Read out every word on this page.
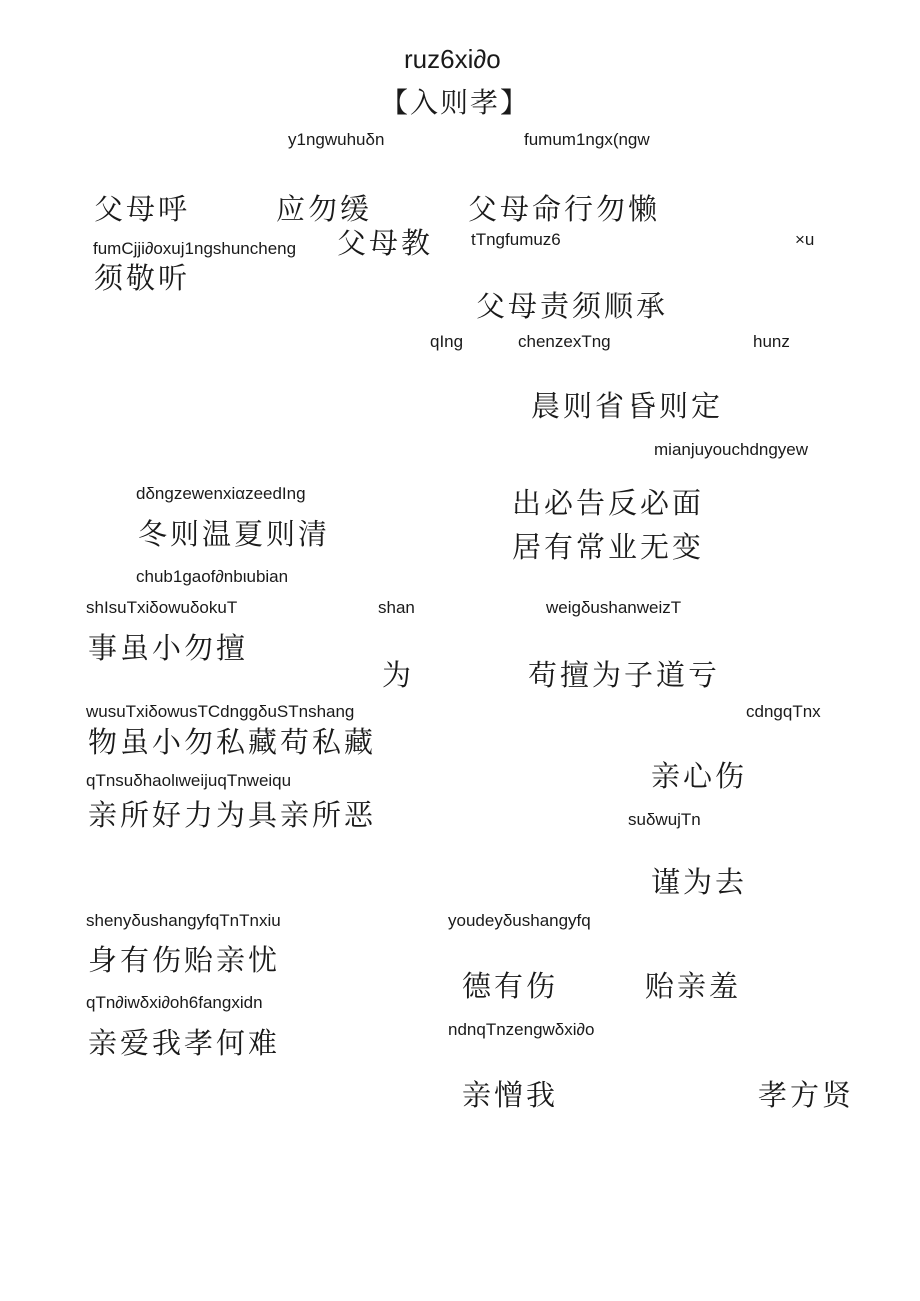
ruz6xi∂o
【入则孝】
y1ngwuhuδn	fumum1ngx(ngw
fumCjji∂oxuj1ngshuncheng	tTngfumuz6	×u
qIng	chenzexTng	hunz
mianjuyouchdngyew
dδngzewenxiαzeedIng
chub1gaof∂nbιubian
shIsuTxiδowuδokuT	shan	weigδushanweizT
wusuTxiδowusTCdnggδuSTnshang	cdngqTnx
qTnsuδhaolιweijuqTnweiqu
suδwujTn
shenyδushangyfqTnTnxiu	youdeyδushangyfq
qTn∂iwδxi∂oh6fangxidn
ndnqTnzengwδxi∂o
父母呼	应勿缓	父母命行勿懒
父母教
须敬听
父母责须顺承
晨则省昏则定
出必告反必面
冬则温夏则清	居有常业无变
事虽小勿擅
为	苟擅为子道亏
物虽小勿私藏苟私藏
亲心伤
亲所好力为具亲所恶
谨为去
身有伤贻亲忧
德有伤	贻亲羞
亲爱我孝何难
亲憎我	孝方贤
